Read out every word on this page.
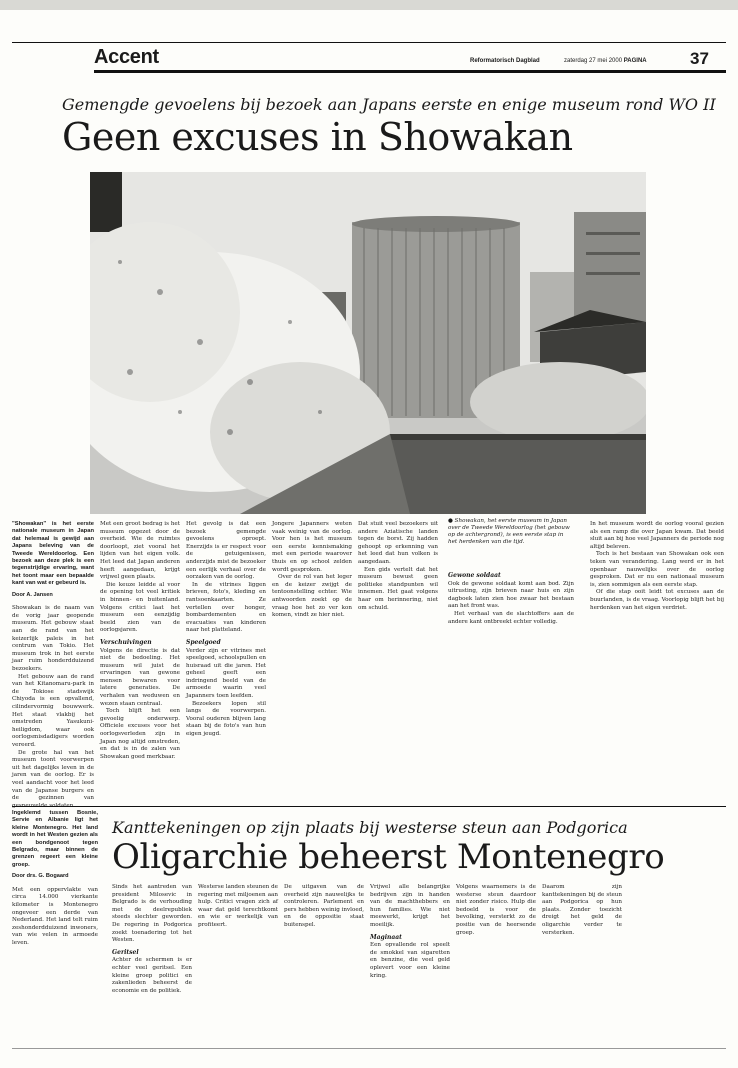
Accent	Reformatorisch Dagblad	zaterdag 27 mei 2000 PAGINA	37
Gemengde gevoelens bij bezoek aan Japans eerste en enige museum rond WO II
Geen excuses in Showakan
● Showakan, het eerste museum in Japan over de Tweede Wereldoorlog (het gebouw op de achtergrond), is een eerste stap in het herdenken van die tijd.
"Showakan" is het eerste nationale museum in Japan dat helemaal is gewijd aan Japans beleving van de Tweede Wereldoorlog. Een bezoek aan deze plek is een tegenstrijdige ervaring, want het toont maar een bepaalde kant van wat er gebeurd is.
Door A. Jansen

Showakan is de naam van de vorig jaar geopende museum. Het gebouw staat aan de rand van het keizerlijk paleis in het centrum van Tokio. Het museum trok in het eerste jaar ruim honderdduizend bezoekers.

Het gebouw aan de rand van het Kitanomaru-park in de Tokiose stadswijk Chiyoda is een opvallend, cilindervormig bouwwerk. Het staat vlakbij het omstreden Yasukuni-heiligdom, waar ook oorlogsmisdadigers worden vereerd.

De grote hal van het museum toont voorwerpen uit het dagelijks leven in de jaren van de oorlog. Er is veel aandacht voor het leed van de Japanse burgers en de gezinnen van

Met een groot bedrag is het museum opgezet door de overheid. Wie de ruimtes doorloopt, ziet vooral het lijden van het eigen volk. Het leed dat Japan anderen heeft aangedaan, krijgt vrijwel geen plaats.

Die keuze leidde al voor de opening tot veel kritiek in binnen- en buitenland. Volgens critici laat het museum een eenzijdig beeld zien van de oorlogsjaren.

Verschuivingen

Volgens de directie is dat niet de bedoeling. Het museum wil juist de ervaringen van gewone mensen bewaren voor latere generaties. De verhalen van weduwen en wezen staan centraal.

Toch blijft het een gevoelig onderwerp. Officiele excuses voor het oorlogsverleden zijn in Japan nog altijd omstreden, en dat is in de zalen van Showakan goed merkbaar.

Het gevolg is dat een bezoek gemengde gevoelens oproept. Enerzijds is er respect voor de getuigenissen, anderzijds mist de bezoeker een eerlijk verhaal over de oorzaken van de oorlog.

In de vitrines liggen brieven, foto's, kleding en rantsoenkaarten. Ze vertellen over honger, bombardementen en evacuaties van kinderen naar het platteland.

Speelgoed

Verder zijn er vitrines met speelgoed, schoolspullen en huisraad uit die jaren. Het geheel geeft een indringend beeld van de armoede waarin veel Japanners toen leefden.

Bezoekers lopen stil langs de voorwerpen. Vooral ouderen blijven lang staan bij de foto's van hun eigen jeugd.

Jongere Japanners weten vaak weinig van de oorlog. Voor hen is het museum een eerste kennismaking met een periode waarover thuis en op school zelden wordt gesproken.

Over de rol van het leger en de keizer zwijgt de tentoonstelling echter. Wie antwoorden zoekt op de vraag hoe het zo ver kon komen, vindt ze hier niet.

Dat stuit veel bezoekers uit andere Aziatische landen tegen de borst. Zij hadden gehoopt op erkenning van het leed dat hun volken is aangedaan.

Een gids vertelt dat het museum bewust geen politieke standpunten wil innemen. Het gaat volgens haar om herinnering, niet om schuld.

Gewone soldaat

Ook de gewone soldaat komt aan bod. Zijn uitrusting, zijn brieven naar huis en zijn dagboek laten zien hoe zwaar het bestaan aan het front was.

Het verhaal van de slachtoffers aan de andere kant ontbreekt echter volledig.

In het museum wordt de oorlog vooral gezien als een ramp die over Japan kwam. Dat beeld sluit aan bij hoe veel Japanners de periode nog altijd beleven.

Toch is het bestaan van Showakan ook een teken van verandering. Lang werd er in het openbaar nauwelijks over de oorlog gesproken. Dat er nu een nationaal museum is, zien sommigen als een eerste stap.

Of die stap ooit leidt tot excuses aan de buurlanden, is de vraag. Voorlopig blijft het bij herdenken van het eigen verdriet.

Ingeklemd tussen Bosnie, Servie en Albanie ligt het kleine Montenegro. Het land wordt in het Westen gezien als een bondgenoot tegen Belgrado, maar binnen de grenzen regeert een kleine groep.
Door drs. G. Bogaard

Met een oppervlakte van circa 14.000 vierkante kilometer is Montenegro ongeveer een derde van Nederland. Het land telt ruim zeshonderdduizend inwoners, van wie velen in armoede leven.

Kanttekeningen op zijn plaats bij westerse steun aan Podgorica
Oligarchie beheerst Montenegro

Sinds het aantreden van president Milosevic in Belgrado is de verhouding met de deelrepubliek steeds slechter geworden. De regering in Podgorica zoekt toenadering tot het Westen.

Geritsel

Achter de schermen is er echter veel geritsel. Een kleine groep politici en zakenlieden beheerst de economie en de politiek.

Westerse landen steunen de regering met miljoenen aan hulp. Critici vragen zich af waar dat geld terechtkomt en wie er werkelijk van profiteert.

De uitgaven van de overheid zijn nauwelijks te controleren. Parlement en pers hebben weinig invloed, en de oppositie staat buitenspel.

Vrijwel alle belangrijke bedrijven zijn in handen van de machthebbers en hun families. Wie niet meewerkt, krijgt het moeilijk.

Maginaat

Een opvallende rol speelt de smokkel van sigaretten en benzine, die veel geld oplevert voor een kleine kring.

Volgens waarnemers is de westerse steun daardoor niet zonder risico. Hulp die bedoeld is voor de bevolking, versterkt zo de positie van de heersende groep.

Daarom zijn kanttekeningen bij de steun aan Podgorica op hun plaats. Zonder toezicht dreigt het geld de oligarchie verder te versterken.
